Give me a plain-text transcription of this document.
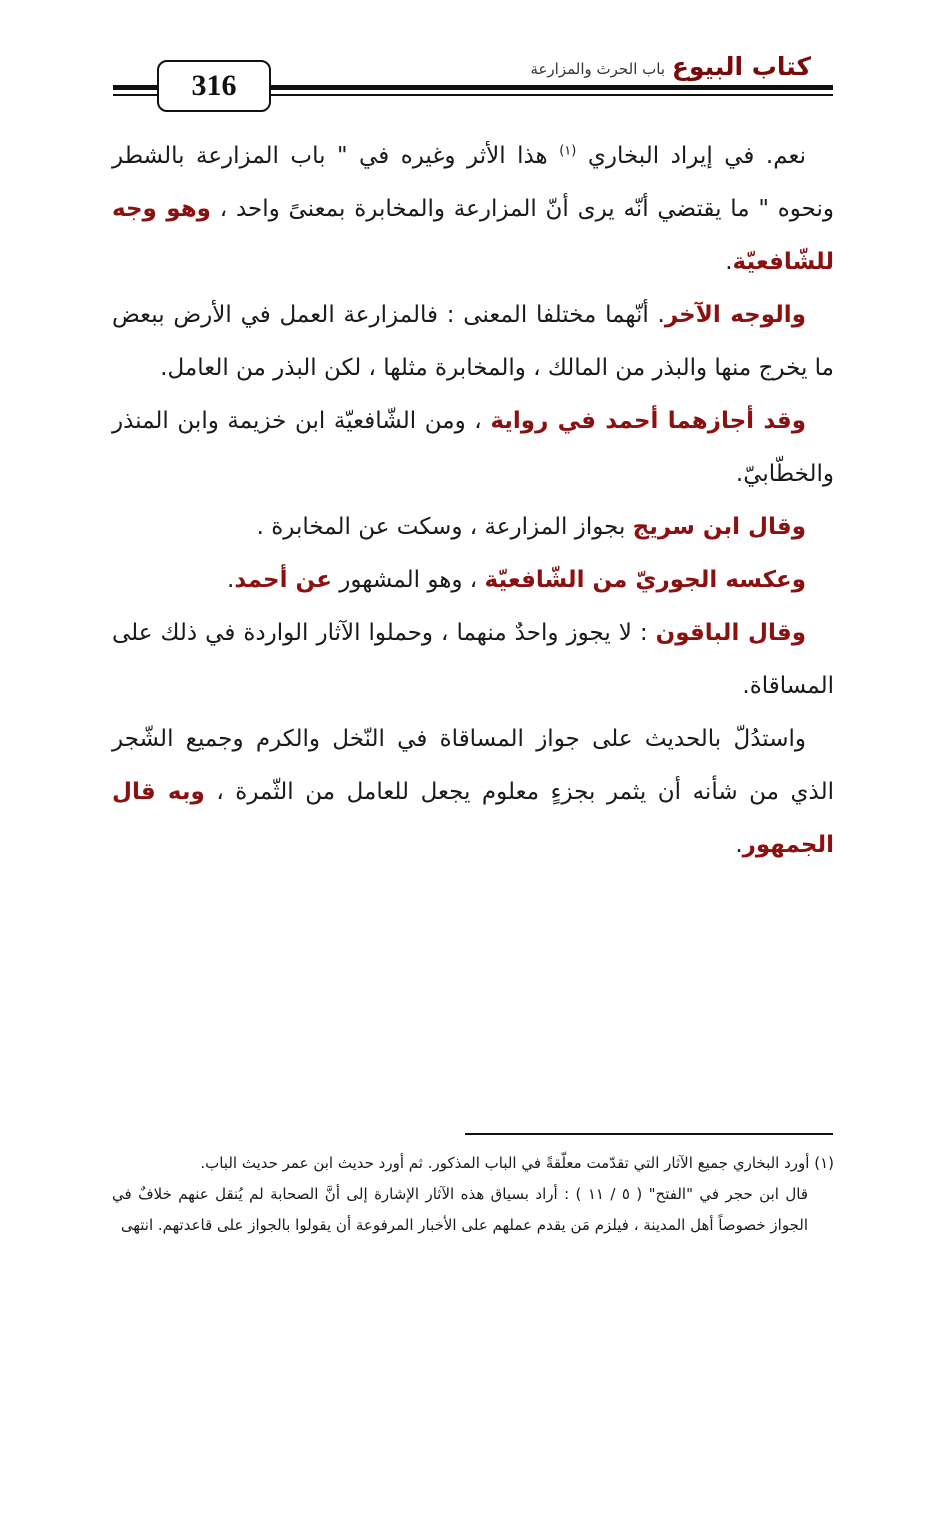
316
كتاب البيوع
باب الحرث والمزارعة

نعم. في إيراد البخاري $^{(١)}$ هذا الأثر وغيره في " باب المزارعة بالشطر ونحوه " ما يقتضي أنّه يرى أنّ المزارعة والمخابرة بمعنىً واحد ، وهو وجه للشّافعيّة.

والوجه الآخر. أنّهما مختلفا المعنى : فالمزارعة العمل في الأرض ببعض ما يخرج منها والبذر من المالك ، والمخابرة مثلها ، لكن البذر من العامل.

وقد أجازهما أحمد في رواية ، ومن الشّافعيّة ابن خزيمة وابن المنذر والخطّابيّ.

وقال ابن سريج بجواز المزارعة ، وسكت عن المخابرة .

وعكسه الجوريّ من الشّافعيّة ، وهو المشهور عن أحمد.

وقال الباقون : لا يجوز واحدٌ منهما ، وحملوا الآثار الواردة في ذلك على المساقاة.

واستدُلّ بالحديث على جواز المساقاة في النّخل والكرم وجميع الشّجر الذي من شأنه أن يثمر بجزءٍ معلوم يجعل للعامل من الثّمرة ، وبه قال الجمهور.

(١) أورد البخاري جميع الآثار التي تقدّمت معلّقةً في الباب المذكور. ثم أورد حديث ابن عمر حديث الباب.

قال ابن حجر في "الفتح" ( ٥ / ١١ ) : أراد بسياق هذه الآثار الإشارة إلى أنَّ الصحابة لم يُنقل عنهم خلافٌ في الجواز خصوصاً أهل المدينة ، فيلزم مَن يقدم عملهم على الأخبار المرفوعة أن يقولوا بالجواز على قاعدتهم. انتهى
